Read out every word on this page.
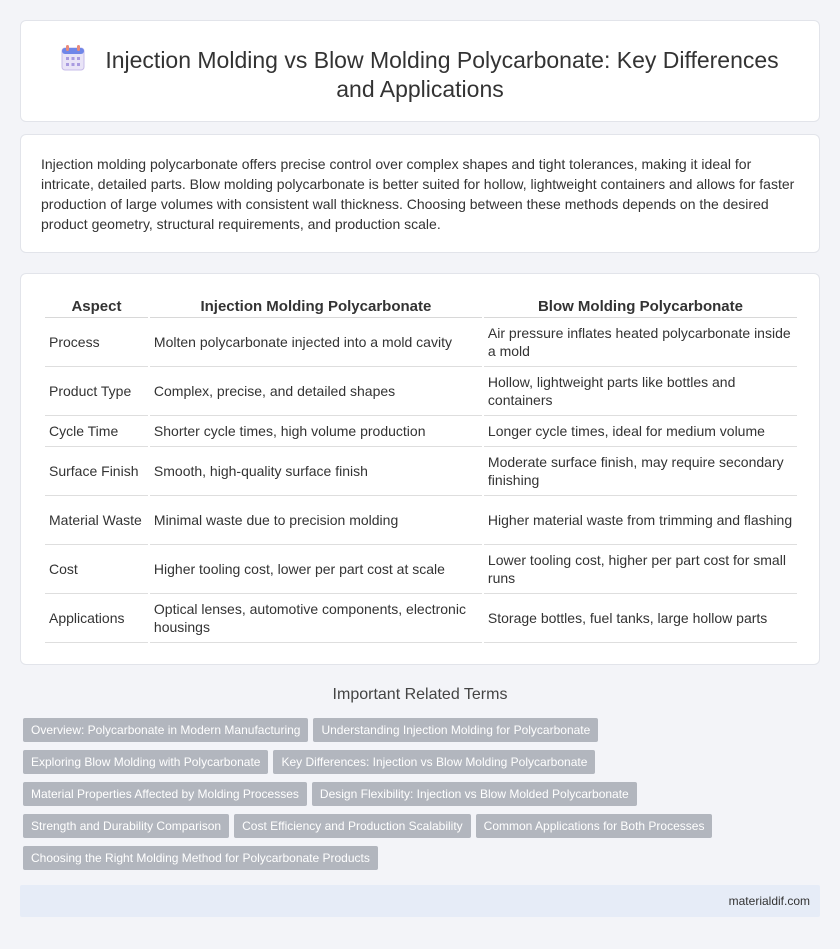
Injection Molding vs Blow Molding Polycarbonate: Key Differences and Applications

Injection molding polycarbonate offers precise control over complex shapes and tight tolerances, making it ideal for intricate, detailed parts. Blow molding polycarbonate is better suited for hollow, lightweight containers and allows for faster production of large volumes with consistent wall thickness. Choosing between these methods depends on the desired product geometry, structural requirements, and production scale.

Aspect	Injection Molding Polycarbonate	Blow Molding Polycarbonate
Process	Molten polycarbonate injected into a mold cavity	Air pressure inflates heated polycarbonate inside a mold
Product Type	Complex, precise, and detailed shapes	Hollow, lightweight parts like bottles and containers
Cycle Time	Shorter cycle times, high volume production	Longer cycle times, ideal for medium volume
Surface Finish	Smooth, high-quality surface finish	Moderate surface finish, may require secondary finishing
Material Waste	Minimal waste due to precision molding	Higher material waste from trimming and flashing
Cost	Higher tooling cost, lower per part cost at scale	Lower tooling cost, higher per part cost for small runs
Applications	Optical lenses, automotive components, electronic housings	Storage bottles, fuel tanks, large hollow parts
Important Related Terms
Overview: Polycarbonate in Modern Manufacturing Understanding Injection Molding for Polycarbonate
Exploring Blow Molding with Polycarbonate Key Differences: Injection vs Blow Molding Polycarbonate
Material Properties Affected by Molding Processes Design Flexibility: Injection vs Blow Molded Polycarbonate
Strength and Durability Comparison Cost Efficiency and Production Scalability Common Applications for Both Processes
Choosing the Right Molding Method for Polycarbonate Products
materialdif.com
